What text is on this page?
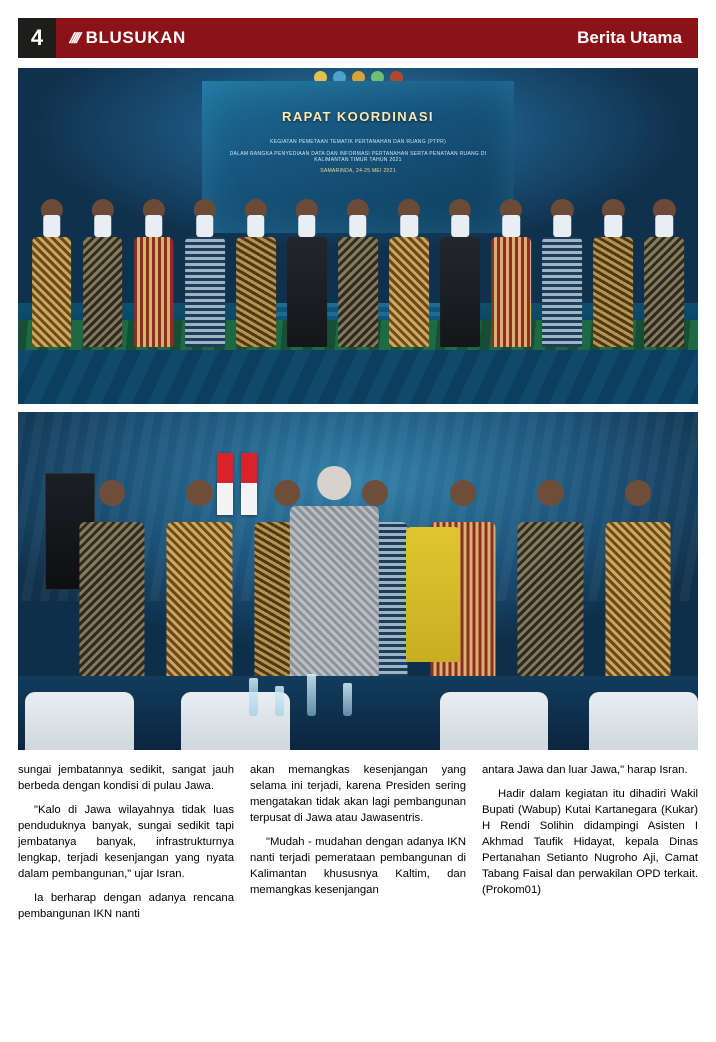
4 //// BLUSUKAN	Berita Utama
RAPAT KOORDINASI
KEGIATAN PEMETAAN TEMATIK PERTANAHAN DAN RUANG (PTPR)
DALAM RANGKA PENYEDIAAN DATA DAN INFORMASI PERTANAHAN SERTA PENATAAN RUANG DI KALIMANTAN TIMUR TAHUN 2021
SAMARINDA, 24-25 MEI 2021

sungai jembatannya sedikit, sangat jauh berbeda dengan kondisi di pulau Jawa.

"Kalo di Jawa wilayahnya tidak luas penduduknya banyak, sungai sedikit tapi jembatanya banyak, infrastrukturnya lengkap, terjadi kesenjangan yang nyata dalam pembangunan," ujar Isran.

Ia berharap dengan adanya rencana pembangunan IKN nanti

akan memangkas kesenjangan yang selama ini terjadi, karena Presiden sering mengatakan tidak akan lagi pembangunan terpusat di Jawa atau Jawasentris.

"Mudah - mudahan dengan adanya IKN nanti terjadi pemerataan pembangunan di Kalimantan khususnya Kaltim, dan memangkas kesenjangan

antara Jawa dan luar Jawa," harap Isran.

Hadir dalam kegiatan itu dihadiri Wakil Bupati (Wabup) Kutai Kartanegara (Kukar) H Rendi Solihin didampingi Asisten I Akhmad Taufik Hidayat, kepala Dinas Pertanahan Setianto Nugroho Aji, Camat Tabang Faisal dan perwakilan OPD terkait. (Prokom01)
